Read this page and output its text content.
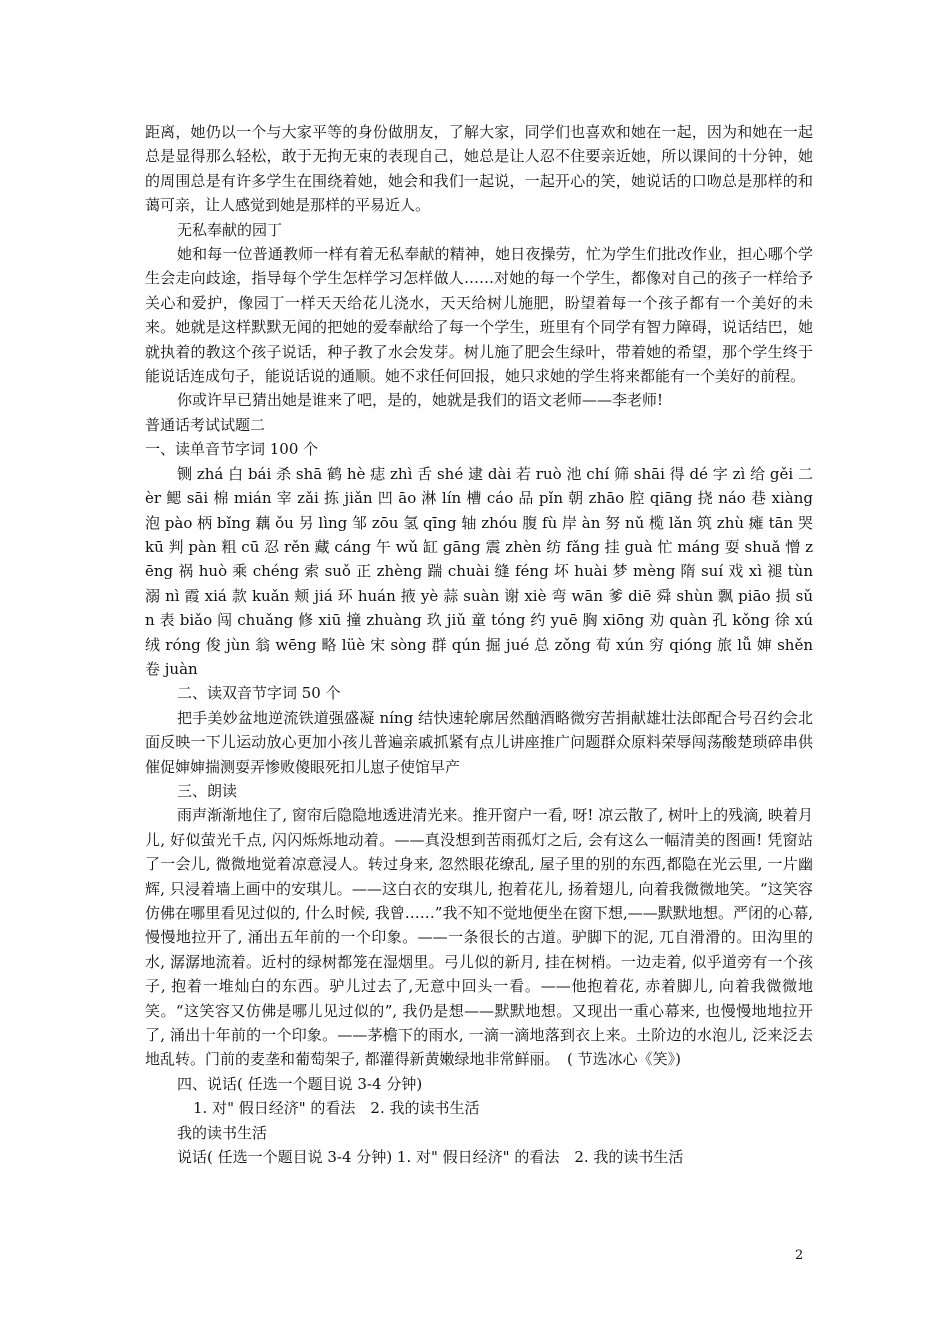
距离，她仍以一个与大家平等的身份做朋友，了解大家，同学们也喜欢和她在一起，因为和她在一起总是显得那么轻松，敢于无拘无束的表现自己，她总是让人忍不住要亲近她，所以课间的十分钟，她的周围总是有许多学生在围绕着她，她会和我们一起说，一起开心的笑，她说话的口吻总是那样的和蔼可亲，让人感觉到她是那样的平易近人。

无私奉献的园丁

她和每一位普通教师一样有着无私奉献的精神，她日夜操劳，忙为学生们批改作业，担心哪个学生会走向歧途，指导每个学生怎样学习怎样做人……对她的每一个学生，都像对自己的孩子一样给予关心和爱护，像园丁一样天天给花儿浇水，天天给树儿施肥，盼望着每一个孩子都有一个美好的未来。她就是这样默默无闻的把她的爱奉献给了每一个学生，班里有个同学有智力障碍，说话结巴，她就执着的教这个孩子说话，种子教了水会发芽。树儿施了肥会生绿叶，带着她的希望，那个学生终于能说话连成句子，能说话说的通顺。她不求任何回报，她只求她的学生将来都能有一个美好的前程。

你或许早已猜出她是谁来了吧，是的，她就是我们的语文老师——李老师!

普通话考试试题二

一、读单音节字词 100 个

铡 zhá 白 bái 杀 shā 鹤 hè 痣 zhì 舌 shé 逮 dài 若 ruò 池 chí 筛 shāi 得 dé 字 zì 给 gěi 二 èr 鳃 sāi 棉 mián 宰 zǎi 拣 jiǎn 凹 āo 淋 lín 槽 cáo 品 pǐn 朝 zhāo 腔 qiāng 挠 náo 巷 xiàng 泡 pào 柄 bǐng 藕 ǒu 另 lìng 邹 zōu 氢 qīng 轴 zhóu 腹 fù 岸 àn 努 nǔ 榄 lǎn 筑 zhù 瘫 tān 哭 kū 判 pàn 粗 cū 忍 rěn 藏 cáng 午 wǔ 缸 gāng 震 zhèn 纺 fǎng 挂 guà 忙 máng 耍 shuǎ 憎 zēng 祸 huò 乘 chéng 索 suǒ 正 zhèng 踹 chuài 缝 féng 坏 huài 梦 mèng 隋 suí 戏 xì 褪 tùn 溺 nì 霞 xiá 款 kuǎn 颊 jiá 环 huán 掖 yè 蒜 suàn 谢 xiè 弯 wān 爹 diē 舜 shùn 飘 piāo 损 sǔn 表 biǎo 闯 chuǎng 修 xiū 撞 zhuàng 玖 jiǔ 童 tóng 约 yuē 胸 xiōng 劝 quàn 孔 kǒng 徐 xú 绒 róng 俊 jùn 翁 wēng 略 lüè 宋 sòng 群 qún 掘 jué 总 zǒng 荀 xún 穷 qióng 旅 lǚ 婶 shěn 卷 juàn

二、读双音节字词 50 个

把手美妙盆地逆流铁道强盛凝 níng 结快速轮廓居然酗酒略微穷苦捐献雄壮法郎配合号召约会北面反映一下儿运动放心更加小孩儿普遍亲戚抓紧有点儿讲座推广问题群众原料荣辱闯荡酸楚琐碎串供催促婶婶揣测耍弄惨败傻眼死扣儿崽子使馆早产

三、朗读

雨声渐渐地住了, 窗帘后隐隐地透进清光来。推开窗户一看, 呀! 凉云散了, 树叶上的残滴, 映着月儿, 好似萤光千点, 闪闪烁烁地动着。——真没想到苦雨孤灯之后, 会有这么一幅清美的图画! 凭窗站了一会儿, 微微地觉着凉意浸人。转过身来, 忽然眼花缭乱, 屋子里的别的东西,都隐在光云里, 一片幽辉, 只浸着墙上画中的安琪儿。——这白衣的安琪儿, 抱着花儿, 扬着翅儿, 向着我微微地笑。“这笑容仿佛在哪里看见过似的, 什么时候, 我曾……”我不知不觉地便坐在窗下想,——默默地想。严闭的心幕, 慢慢地拉开了, 涌出五年前的一个印象。——一条很长的古道。驴脚下的泥, 兀自滑滑的。田沟里的水, 潺潺地流着。近村的绿树都笼在湿烟里。弓儿似的新月, 挂在树梢。一边走着, 似乎道旁有一个孩子, 抱着一堆灿白的东西。驴儿过去了,无意中回头一看。——他抱着花, 赤着脚儿, 向着我微微地笑。“这笑容又仿佛是哪儿见过似的”, 我仍是想——默默地想。又现出一重心幕来, 也慢慢地地拉开了, 涌出十年前的一个印象。——茅檐下的雨水, 一滴一滴地落到衣上来。土阶边的水泡儿, 泛来泛去地乱转。门前的麦垄和葡萄架子, 都灌得新黄嫩绿地非常鲜丽。　( 节选冰心《笑》)

四、说话( 任选一个题目说 3-4 分钟)

1. 对" 假日经济" 的看法　2. 我的读书生活

我的读书生活

说话( 任选一个题目说 3-4 分钟) 1. 对" 假日经济" 的看法　2. 我的读书生活

2
